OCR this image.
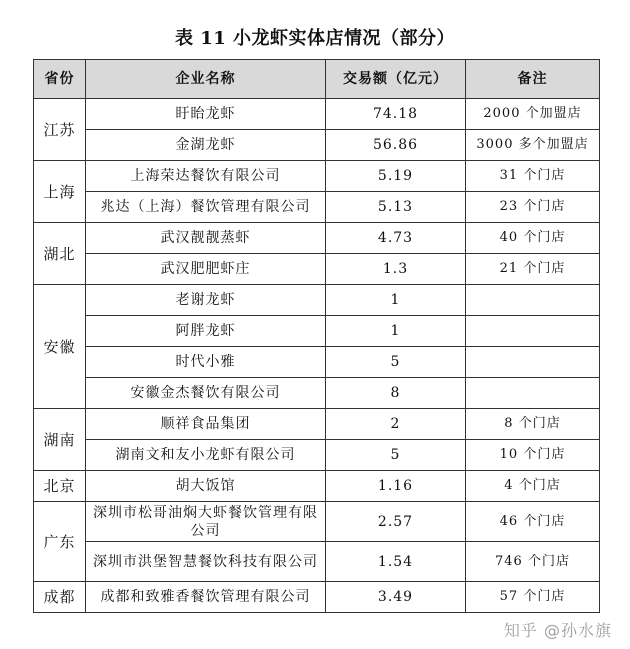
表 11 小龙虾实体店情况（部分）
省份	企业名称	交易额（亿元）	备注
江苏	盱眙龙虾	74.18	2000 个加盟店
	金湖龙虾	56.86	3000 多个加盟店
上海	上海荣达餐饮有限公司	5.19	31 个门店
	兆达（上海）餐饮管理有限公司	5.13	23 个门店
湖北	武汉靓靓蒸虾	4.73	40 个门店
	武汉肥肥虾庄	1.3	21 个门店
安徽	老谢龙虾	1	
	阿胖龙虾	1	
	时代小雅	5	
	安徽金杰餐饮有限公司	8	
湖南	顺祥食品集团	2	8 个门店
	湖南文和友小龙虾有限公司	5	10 个门店
北京	胡大饭馆	1.16	4 个门店
广东	深圳市松哥油焖大虾餐饮管理有限公司	2.57	46 个门店
	深圳市洪堡智慧餐饮科技有限公司	1.54	746 个门店
成都	成都和致雅香餐饮管理有限公司	3.49	57 个门店
知乎 @孙水旗
